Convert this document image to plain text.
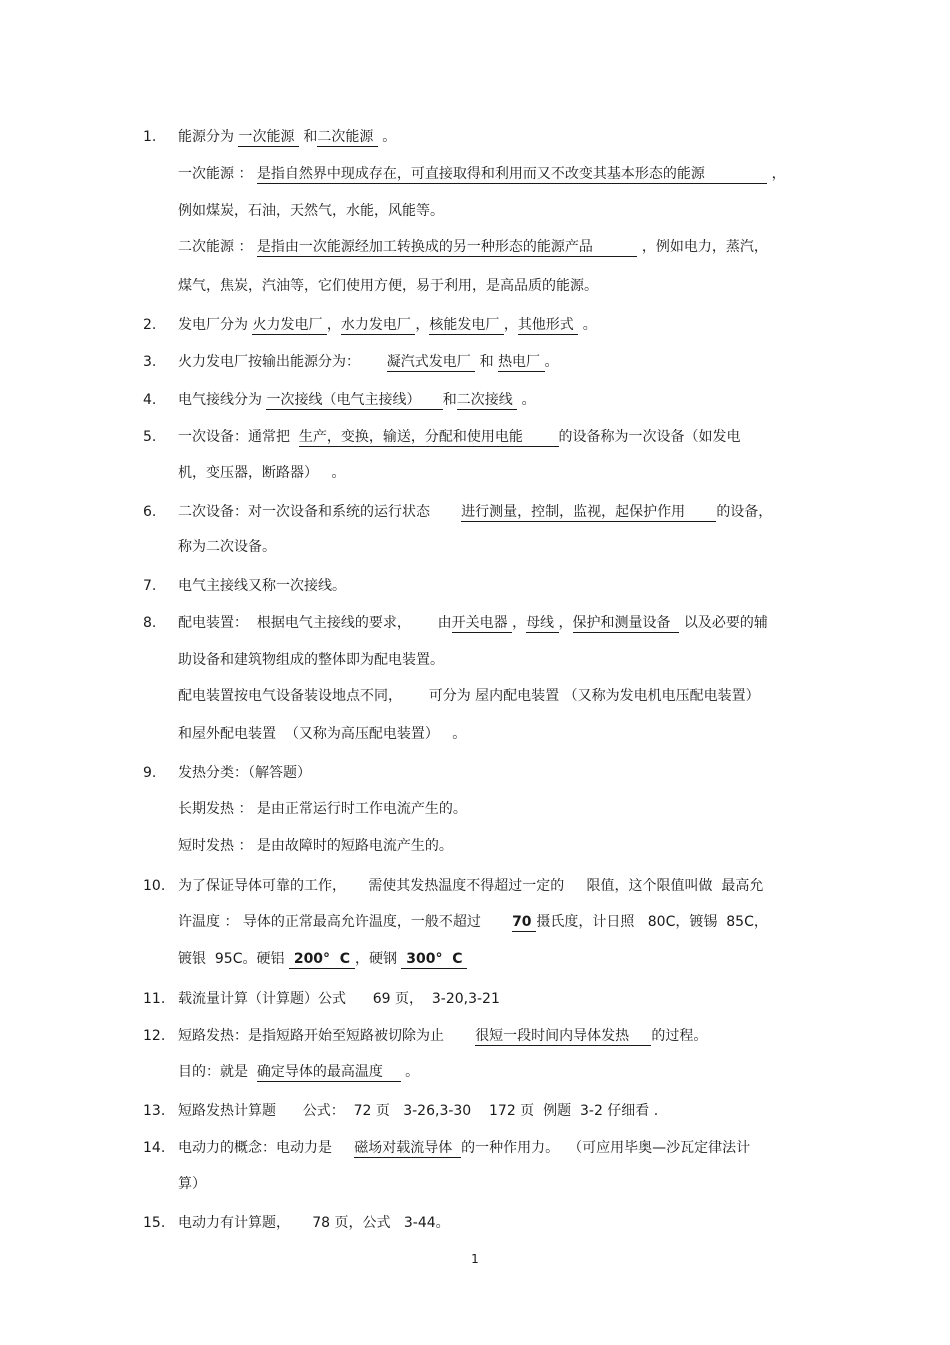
1. 能源分为 一次能源  和二次能源  。
一次能源 ： 是指自然界中现成存在，可直接取得和利用而又不改变其基本形态的能源               ，
例如煤炭，石油，天然气，水能，风能等。
二次能源 ： 是指由一次能源经加工转换成的另一种形态的能源产品           ，例如电力，蒸汽，
煤气，焦炭，汽油等，它们使用方便，易于利用，是高品质的能源。
2. 发电厂分为 火力发电厂 ，水力发电厂 ，核能发电厂 ，其他形式  。
3. 火力发电厂按输出能源分为：      凝汽式发电厂  和 热电厂 。
4. 电气接线分为 一次接线（电气主接线）     和二次接线  。
5. 一次设备：通常把  生产，变换，输送，分配和使用电能        的设备称为一次设备（如发电
机，变压器，断路器）   。
6. 二次设备：对一次设备和系统的运行状态       进行测量，控制，监视，起保护作用       的设备，
称为二次设备。
7. 电气主接线又称一次接线。
8. 配电装置：  根据电气主接线的要求，      由开关电器 ，母线 ，保护和测量设备   以及必要的辅
助设备和建筑物组成的整体即为配电装置。
配电装置按电气设备装设地点不同，      可分为 屋内配电装置 （又称为发电机电压配电装置）
和屋外配电装置  （又称为高压配电装置）   。
9. 发热分类：（解答题）
长期发热 ： 是由正常运行时工作电流产生的。
短时发热 ： 是由故障时的短路电流产生的。
10. 为了保证导体可靠的工作，     需使其发热温度不得超过一定的     限值，这个限值叫做  最高允
许温度 ： 导体的正常最高允许温度，一般不超过       70 摄氏度，计日照   80C，镀锡  85C，
镀银  95C。硬铝  200°  C ，硬钢  300°  C
11. 载流量计算（计算题）公式      69 页，  3-20,3-21
12. 短路发热：是指短路开始至短路被切除为止       很短一段时间内导体发热     的过程。
目的：就是  确定导体的最高温度     。
13. 短路发热计算题      公式：  72 页   3-26,3-30    172 页  例题  3-2 仔细看 .
14. 电动力的概念：电动力是     磁场对载流导体  的一种作用力。  （可应用毕奥—沙瓦定律法计
算）
15. 电动力有计算题，     78 页，公式   3-44。
1
